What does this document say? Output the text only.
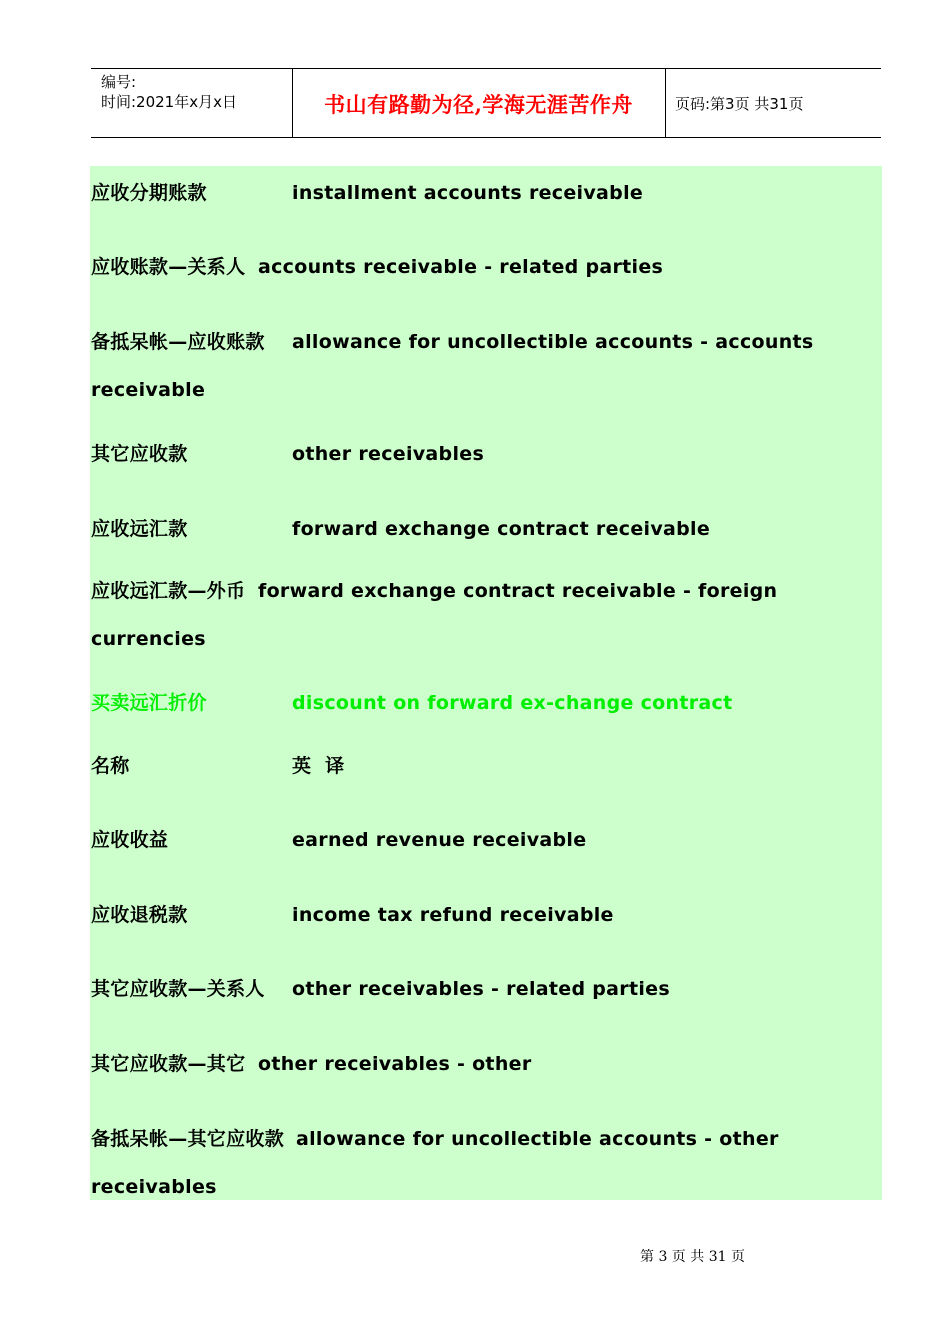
编号:
时间:2021年x月x日	书山有路勤为径,学海无涯苦作舟	页码:第3页 共31页
应收分期账款	installment accounts receivable
应收账款—关系人 accounts receivable - related parties
备抵呆帐—应收账款 allowance for uncollectible accounts - accounts
receivable
其它应收款	other receivables
应收远汇款	forward exchange contract receivable
应收远汇款—外币 forward exchange contract receivable - foreign
currencies
买卖远汇折价	discount on forward ex-change contract
名称	英  译
应收收益	earned revenue receivable
应收退税款	income tax refund receivable
其它应收款—关系人 other receivables - related parties
其它应收款—其它 other receivables - other
备抵呆帐—其它应收款 allowance for uncollectible accounts - other
receivables
第 3 页 共 31 页
